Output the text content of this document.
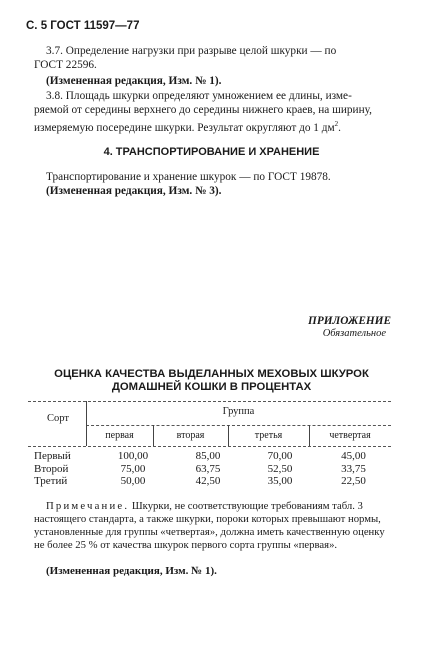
С. 5 ГОСТ 11597—77
3.7. Определение нагрузки при разрыве целой шкурки — по
ГОСТ 22596.
(Измененная редакция, Изм. № 1).
3.8. Площадь шкурки определяют умножением ее длины, изме-
ряемой от середины верхнего до середины нижнего краев, на ширину,
измеряемую посередине шкурки. Результат округляют до 1 $дм^2$.
4. ТРАНСПОРТИРОВАНИЕ И ХРАНЕНИЕ
Транспортирование и хранение шкурок — по ГОСТ 19878.
(Измененная редакция, Изм. № 3).
ПРИЛОЖЕНИЕ
Обязательное
ОЦЕНКА КАЧЕСТВА ВЫДЕЛАННЫХ МЕХОВЫХ ШКУРОК
ДОМАШНЕЙ КОШКИ В ПРОЦЕНТАХ
Сорт
Группа
первая	вторая	третья	четвертая
Первый	100,00	85,00	70,00	45,00
Второй	75,00	63,75	52,50	33,75
Третий	50,00	42,50	35,00	22,50
Примечание. Шкурки, не соответствующие требованиям табл. 3
настоящего стандарта, а также шкурки, пороки которых превышают нормы,
установленные для группы «четвертая», должна иметь качественную оценку
не более 25 % от качества шкурок первого сорта группы «первая».
(Измененная редакция, Изм. № 1).
